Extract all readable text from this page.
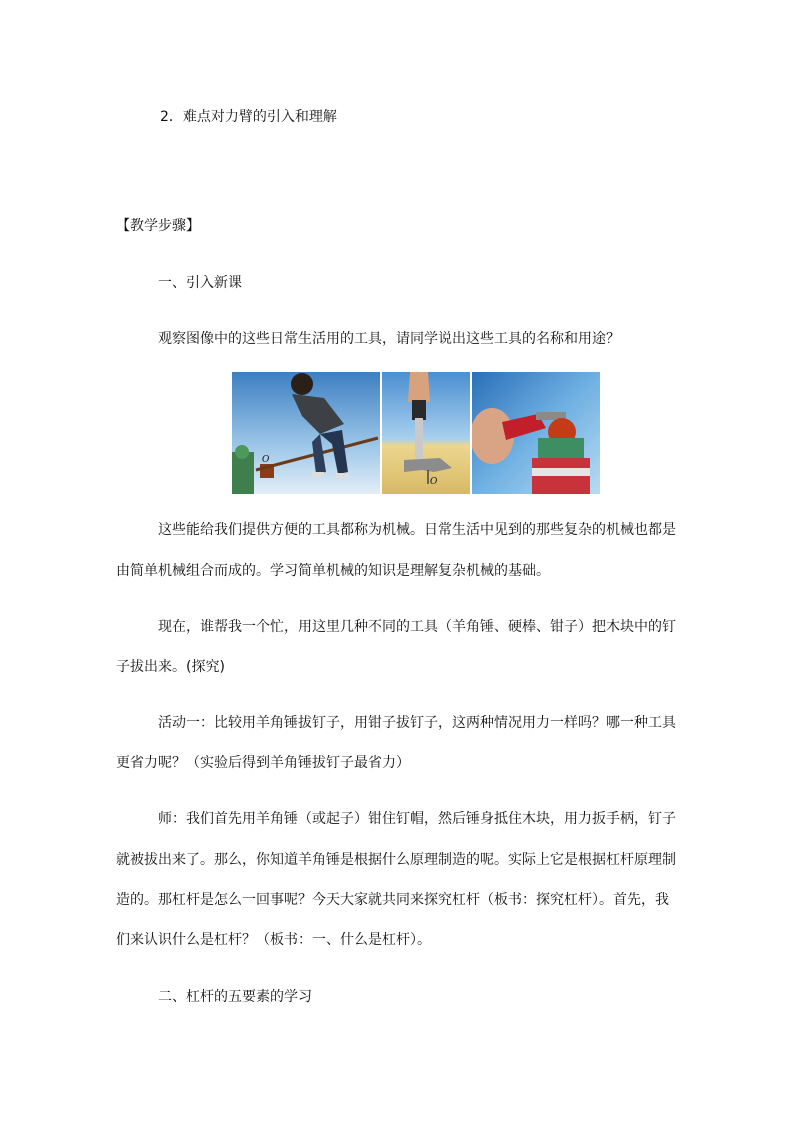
2．难点对力臂的引入和理解
【教学步骤】
一、引入新课
观察图像中的这些日常生活用的工具，请同学说出这些工具的名称和用途？
O
O
这些能给我们提供方便的工具都称为机械。日常生活中见到的那些复杂的机械也都是
由简单机械组合而成的。学习简单机械的知识是理解复杂机械的基础。
现在，谁帮我一个忙，用这里几种不同的工具（羊角锤、硬棒、钳子）把木块中的钉
子拔出来。(探究)
活动一：比较用羊角锤拔钉子，用钳子拔钉子，这两种情况用力一样吗？哪一种工具
更省力呢？（实验后得到羊角锤拔钉子最省力）
师：我们首先用羊角锤（或起子）钳住钉帽，然后锤身抵住木块，用力扳手柄，钉子
就被拔出来了。那么，你知道羊角锤是根据什么原理制造的呢。实际上它是根据杠杆原理制
造的。那杠杆是怎么一回事呢？今天大家就共同来探究杠杆（板书：探究杠杆）。首先，我
们来认识什么是杠杆？（板书：一、什么是杠杆）。
二、杠杆的五要素的学习
